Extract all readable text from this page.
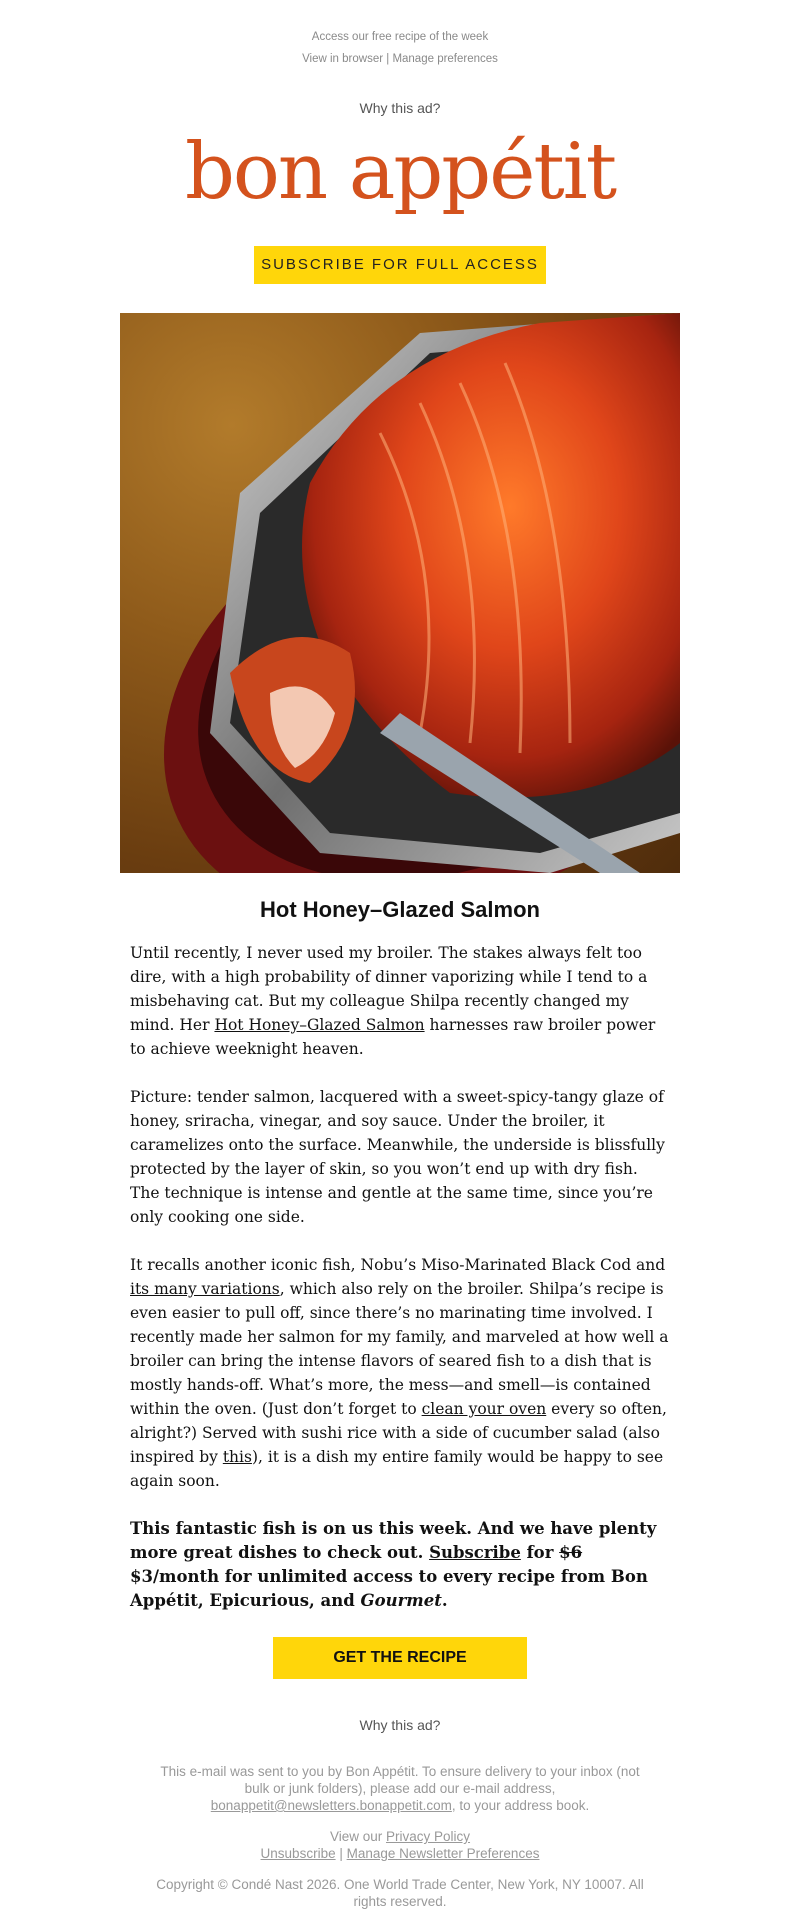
Access our free recipe of the week
View in browser | Manage preferences
Why this ad?
bon appétit
SUBSCRIBE FOR FULL ACCESS
Hot Honey–Glazed Salmon

Until recently, I never used my broiler. The stakes always felt too dire, with a high probability of dinner vaporizing while I tend to a misbehaving cat. But my colleague Shilpa recently changed my mind. Her Hot Honey–Glazed Salmon harnesses raw broiler power to achieve weeknight heaven.

Picture: tender salmon, lacquered with a sweet-spicy-tangy glaze of honey, sriracha, vinegar, and soy sauce. Under the broiler, it caramelizes onto the surface. Meanwhile, the underside is blissfully protected by the layer of skin, so you won’t end up with dry fish. The technique is intense and gentle at the same time, since you’re only cooking one side.

It recalls another iconic fish, Nobu’s Miso-Marinated Black Cod and its many variations, which also rely on the broiler. Shilpa’s recipe is even easier to pull off, since there’s no marinating time involved. I recently made her salmon for my family, and marveled at how well a broiler can bring the intense flavors of seared fish to a dish that is mostly hands-off. What’s more, the mess—and smell—is contained within the oven. (Just don’t forget to clean your oven every so often, alright?) Served with sushi rice with a side of cucumber salad (also inspired by this), it is a dish my entire family would be happy to see again soon.

This fantastic fish is on us this week. And we have plenty more great dishes to check out. Subscribe for $6 $3/month for unlimited access to every recipe from Bon Appétit, Epicurious, and Gourmet.

GET THE RECIPE
Why this ad?

This e-mail was sent to you by Bon Appétit. To ensure delivery to your inbox (not bulk or junk folders), please add our e-mail address, bonappetit@newsletters.bonappetit.com, to your address book.

View our Privacy Policy
Unsubscribe | Manage Newsletter Preferences

Copyright © Condé Nast 2026. One World Trade Center, New York, NY 10007. All rights reserved.
